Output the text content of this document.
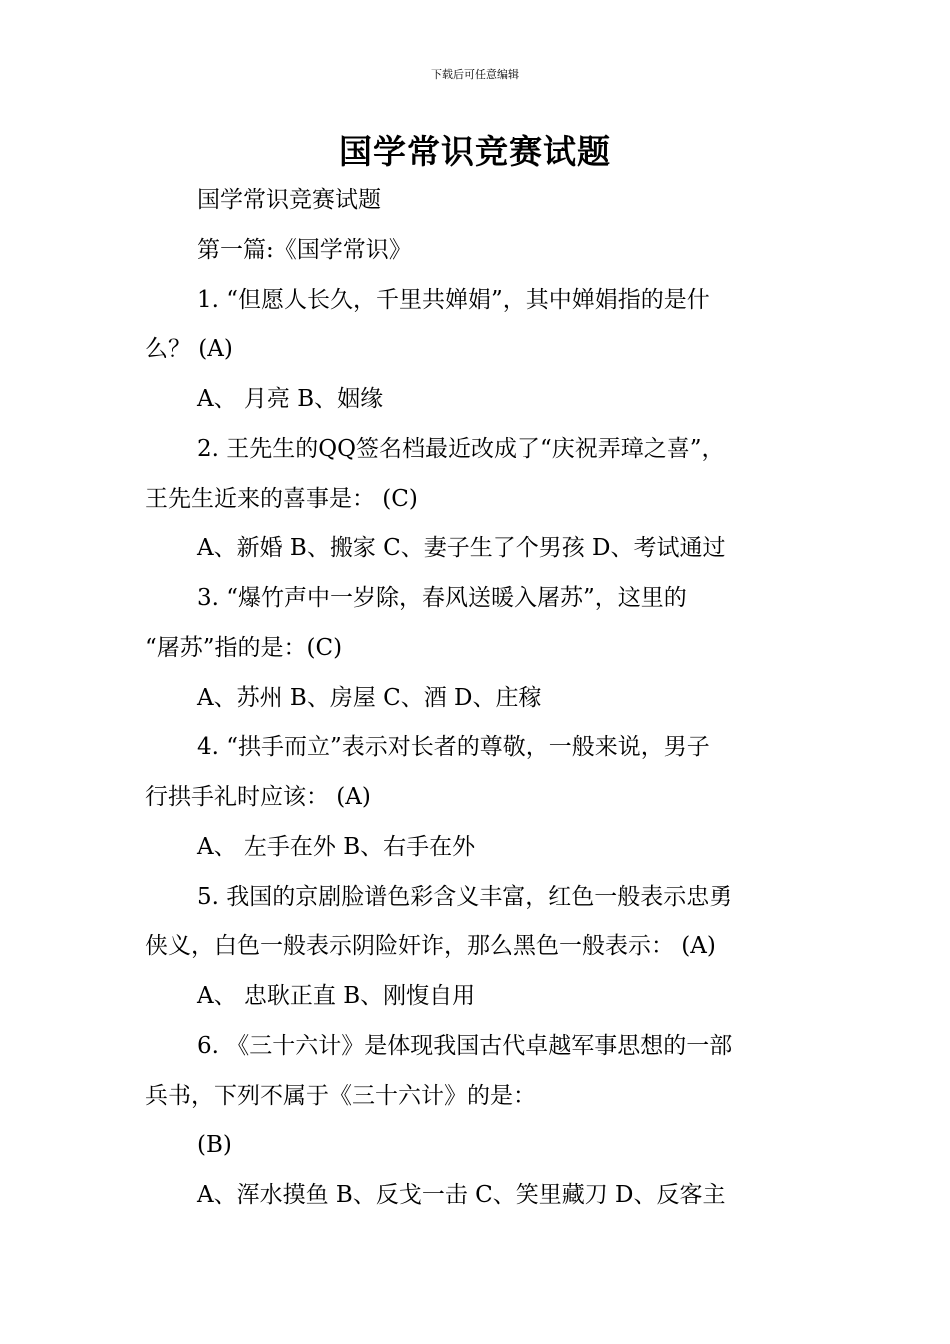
下载后可任意编辑
国学常识竞赛试题
国学常识竞赛试题
第一篇:《国学常识》
1. “但愿人长久，千里共婵娟”，其中婵娟指的是什
么？ (A)
A、 月亮 B、姻缘
2. 王先生的QQ签名档最近改成了“庆祝弄璋之喜”，
王先生近来的喜事是： (C)
A、新婚 B、搬家 C、妻子生了个男孩 D、考试通过
3. “爆竹声中一岁除，春风送暖入屠苏”，这里的
“屠苏”指的是：(C)
A、苏州 B、房屋 C、酒 D、庄稼
4. “拱手而立”表示对长者的尊敬，一般来说，男子
行拱手礼时应该： (A)
A、 左手在外 B、右手在外
5. 我国的京剧脸谱色彩含义丰富，红色一般表示忠勇
侠义，白色一般表示阴险奸诈，那么黑色一般表示： (A)
A、 忠耿正直 B、刚愎自用
6. 《三十六计》是体现我国古代卓越军事思想的一部
兵书，下列不属于《三十六计》的是：
(B)
A、浑水摸鱼 B、反戈一击 C、笑里藏刀 D、反客主
